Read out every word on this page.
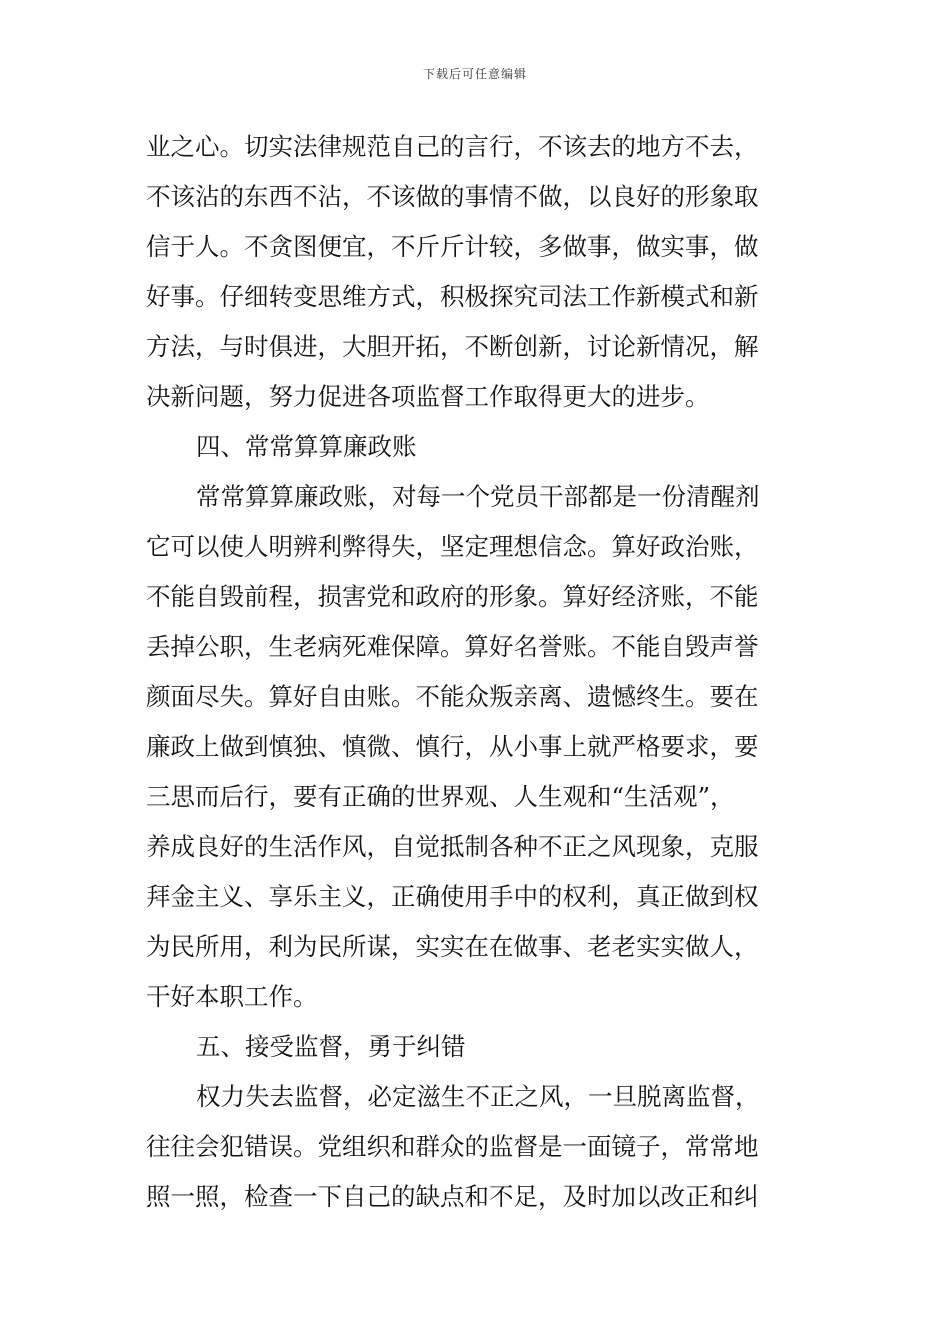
下载后可任意编辑
业之心。切实法律规范自己的言行，不该去的地方不去，
不该沾的东西不沾，不该做的事情不做，以良好的形象取
信于人。不贪图便宜，不斤斤计较，多做事，做实事，做
好事。仔细转变思维方式，积极探究司法工作新模式和新
方法，与时俱进，大胆开拓，不断创新，讨论新情况，解
决新问题，努力促进各项监督工作取得更大的进步。
四、常常算算廉政账
常常算算廉政账，对每一个党员干部都是一份清醒剂
它可以使人明辨利弊得失，坚定理想信念。算好政治账，
不能自毁前程，损害党和政府的形象。算好经济账，不能
丢掉公职，生老病死难保障。算好名誉账。不能自毁声誉
颜面尽失。算好自由账。不能众叛亲离、遗憾终生。要在
廉政上做到慎独、慎微、慎行，从小事上就严格要求，要
三思而后行，要有正确的世界观、人生观和“生活观”，
养成良好的生活作风，自觉抵制各种不正之风现象，克服
拜金主义、享乐主义，正确使用手中的权利，真正做到权
为民所用，利为民所谋，实实在在做事、老老实实做人，
干好本职工作。
五、接受监督，勇于纠错
权力失去监督，必定滋生不正之风，一旦脱离监督，
往往会犯错误。党组织和群众的监督是一面镜子，常常地
照一照，检查一下自己的缺点和不足，及时加以改正和纠
